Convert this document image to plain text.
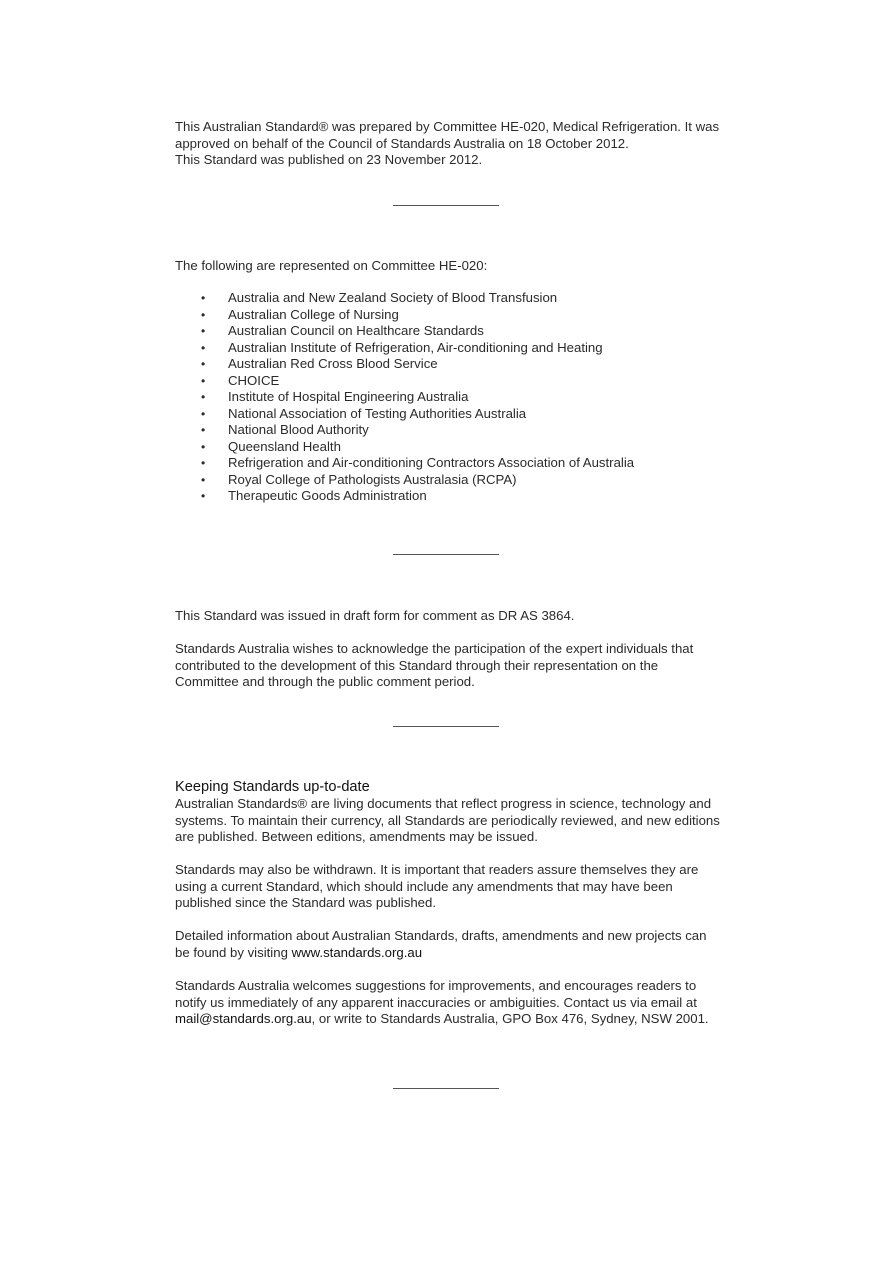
This Australian Standard® was prepared by Committee HE-020, Medical Refrigeration. It was
approved on behalf of the Council of Standards Australia on 18 October 2012.
This Standard was published on 23 November 2012.

The following are represented on Committee HE-020:

• Australia and New Zealand Society of Blood Transfusion
• Australian College of Nursing
• Australian Council on Healthcare Standards
• Australian Institute of Refrigeration, Air-conditioning and Heating
• Australian Red Cross Blood Service
• CHOICE
• Institute of Hospital Engineering Australia
• National Association of Testing Authorities Australia
• National Blood Authority
• Queensland Health
• Refrigeration and Air-conditioning Contractors Association of Australia
• Royal College of Pathologists Australasia (RCPA)
• Therapeutic Goods Administration

This Standard was issued in draft form for comment as DR AS 3864.

Standards Australia wishes to acknowledge the participation of the expert individuals that
contributed to the development of this Standard through their representation on the
Committee and through the public comment period.

Keeping Standards up-to-date

Australian Standards® are living documents that reflect progress in science, technology and
systems. To maintain their currency, all Standards are periodically reviewed, and new editions
are published. Between editions, amendments may be issued.

Standards may also be withdrawn. It is important that readers assure themselves they are
using a current Standard, which should include any amendments that may have been
published since the Standard was published.

Detailed information about Australian Standards, drafts, amendments and new projects can
be found by visiting www.standards.org.au

Standards Australia welcomes suggestions for improvements, and encourages readers to
notify us immediately of any apparent inaccuracies or ambiguities. Contact us via email at
mail@standards.org.au, or write to Standards Australia, GPO Box 476, Sydney, NSW 2001.
